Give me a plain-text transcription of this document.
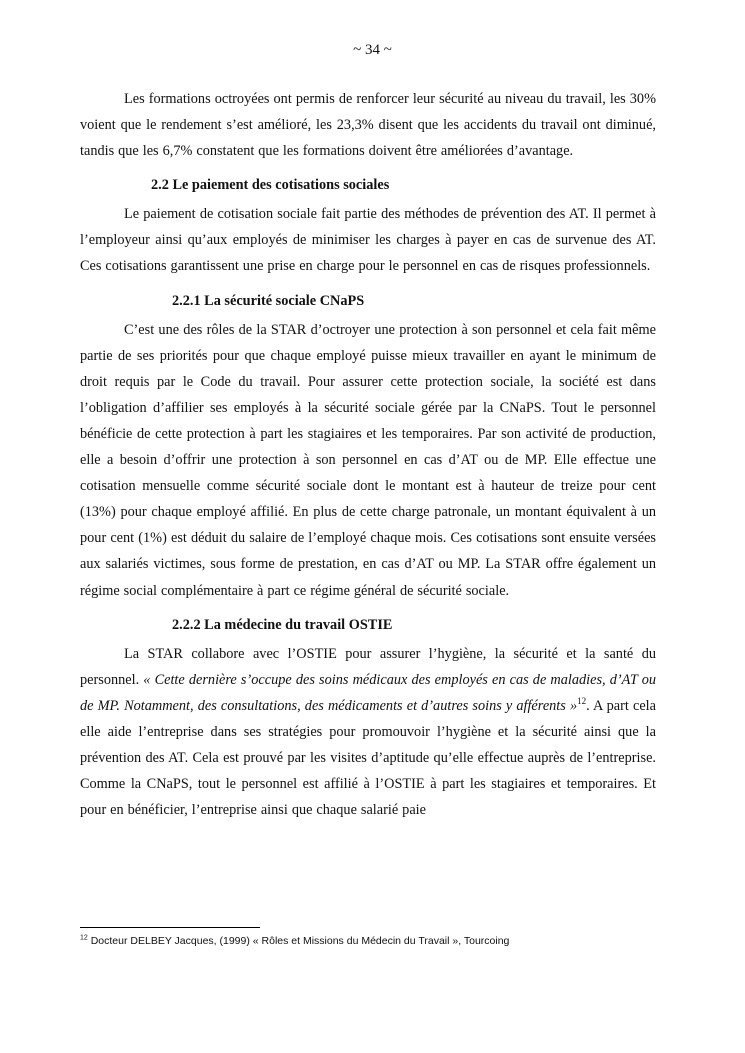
~ 34 ~

Les formations octroyées ont permis de renforcer leur sécurité au niveau du travail, les 30% voient que le rendement s’est amélioré, les 23,3% disent que les accidents du travail ont diminué, tandis que les 6,7% constatent que les formations doivent être améliorées d’avantage.

2.2 Le paiement des cotisations sociales

Le paiement de cotisation sociale fait partie des méthodes de prévention des AT. Il permet à l’employeur ainsi qu’aux employés de minimiser les charges à payer en cas de survenue des AT. Ces cotisations garantissent une prise en charge pour le personnel en cas de risques professionnels.

2.2.1 La sécurité sociale CNaPS

C’est une des rôles de la STAR d’octroyer une protection à son personnel et cela fait même partie de ses priorités pour que chaque employé puisse mieux travailler en ayant le minimum de droit requis par le Code du travail. Pour assurer cette protection sociale, la société est dans l’obligation d’affilier ses employés à la sécurité sociale gérée par la CNaPS. Tout le personnel bénéficie de cette protection à part les stagiaires et les temporaires. Par son activité de production, elle a besoin d’offrir une protection à son personnel en cas d’AT ou de MP. Elle effectue une cotisation mensuelle comme sécurité sociale dont le montant est à hauteur de treize pour cent (13%) pour chaque employé affilié. En plus de cette charge patronale, un montant équivalent à un pour cent (1%) est déduit du salaire de l’employé chaque mois. Ces cotisations sont ensuite versées aux salariés victimes, sous forme de prestation, en cas d’AT ou MP. La STAR offre également un régime social complémentaire à part ce régime général de sécurité sociale.

2.2.2 La médecine du travail OSTIE

La STAR collabore avec l’OSTIE pour assurer l’hygiène, la sécurité et la santé du personnel. « Cette dernière s’occupe des soins médicaux des employés en cas de maladies, d’AT ou de MP. Notamment, des consultations, des médicaments et d’autres soins y afférents »$^{12}$. A part cela elle aide l’entreprise dans ses stratégies pour promouvoir l’hygiène et la sécurité ainsi que la prévention des AT. Cela est prouvé par les visites d’aptitude qu’elle effectue auprès de l’entreprise. Comme la CNaPS, tout le personnel est affilié à l’OSTIE à part les stagiaires et temporaires. Et pour en bénéficier, l’entreprise ainsi que chaque salarié paie

$^{12}$ Docteur DELBEY Jacques, (1999) « Rôles et Missions du Médecin du Travail », Tourcoing
